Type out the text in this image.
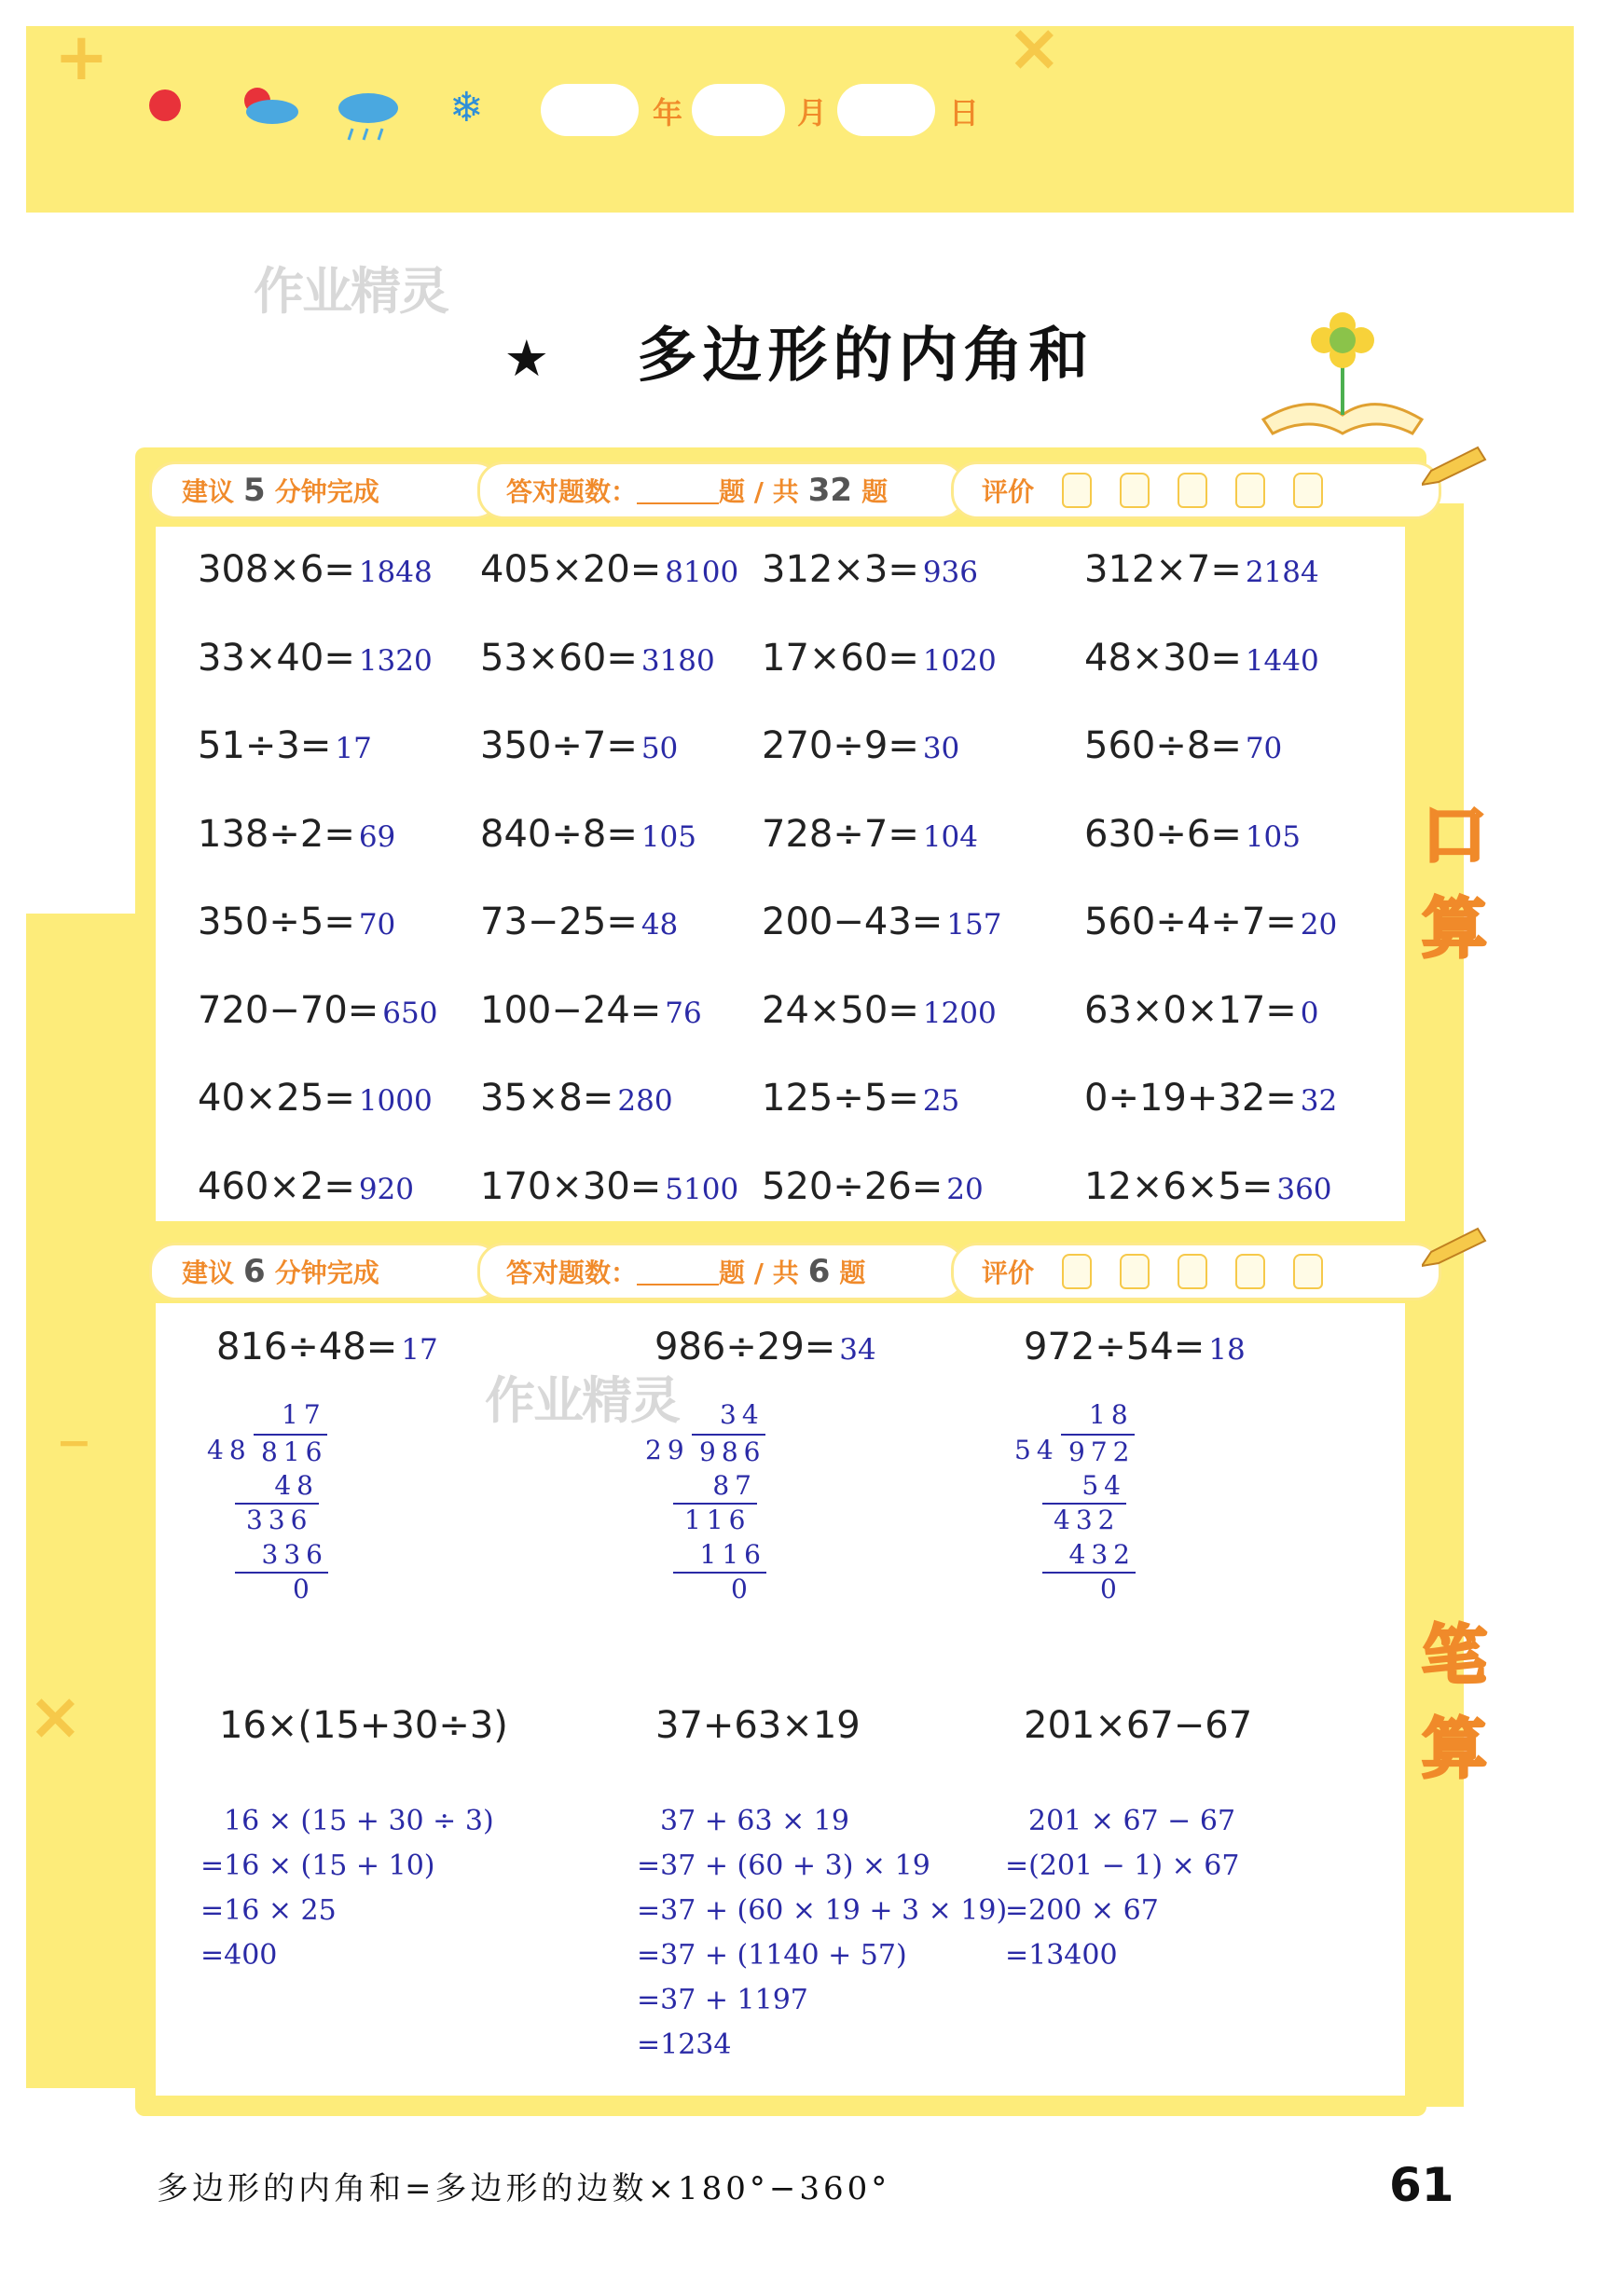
+	×
❄	年	月	日
作业精灵
★ 多边形的内角和
−
×
建议 5 分钟完成	答对题数：	题 / 共 32 题	评价
口
算
308×6= 1848 405×20= 8100 312×3= 936	312×7= 2184
33×40= 1320 53×60= 3180 17×60= 1020 48×30= 1440
51÷3= 17	350÷7= 50 270÷9= 30	560÷8= 70
138÷2= 69 840÷8= 105 728÷7= 104	630÷6= 105
350÷5= 70 73−25= 48 200−43= 157 560÷4÷7= 20
720−70= 650 100−24= 76 24×50= 1200 63×0×17= 0
40×25= 1000 35×8= 280 125÷5= 25	0÷19+32= 32
460×2= 920 170×30= 5100 520÷26= 20	12×6×5= 360
建议 6 分钟完成	答对题数：	题 / 共 6 题	评价
笔
算
作业精灵
816÷48= 17
17
48 816
48
336
336
0
986÷29= 34
34
29 986
87
116
116
0
972÷54= 18
18
54 972
54
432
432
0
16×(15+30÷3)
16 × (15 + 30 ÷ 3)
=16 × (15 + 10)
=16 × 25
=400
37+63×19
37 + 63 × 19
=37 + (60 + 3) × 19
=37 + (60 × 19 + 3 × 19)
=37 + (1140 + 57)
=37 + 1197
=1234
201×67−67
201 × 67 − 67
=(201 − 1) × 67
=200 × 67
=13400
多边形的内角和=多边形的边数×180°−360°	61
